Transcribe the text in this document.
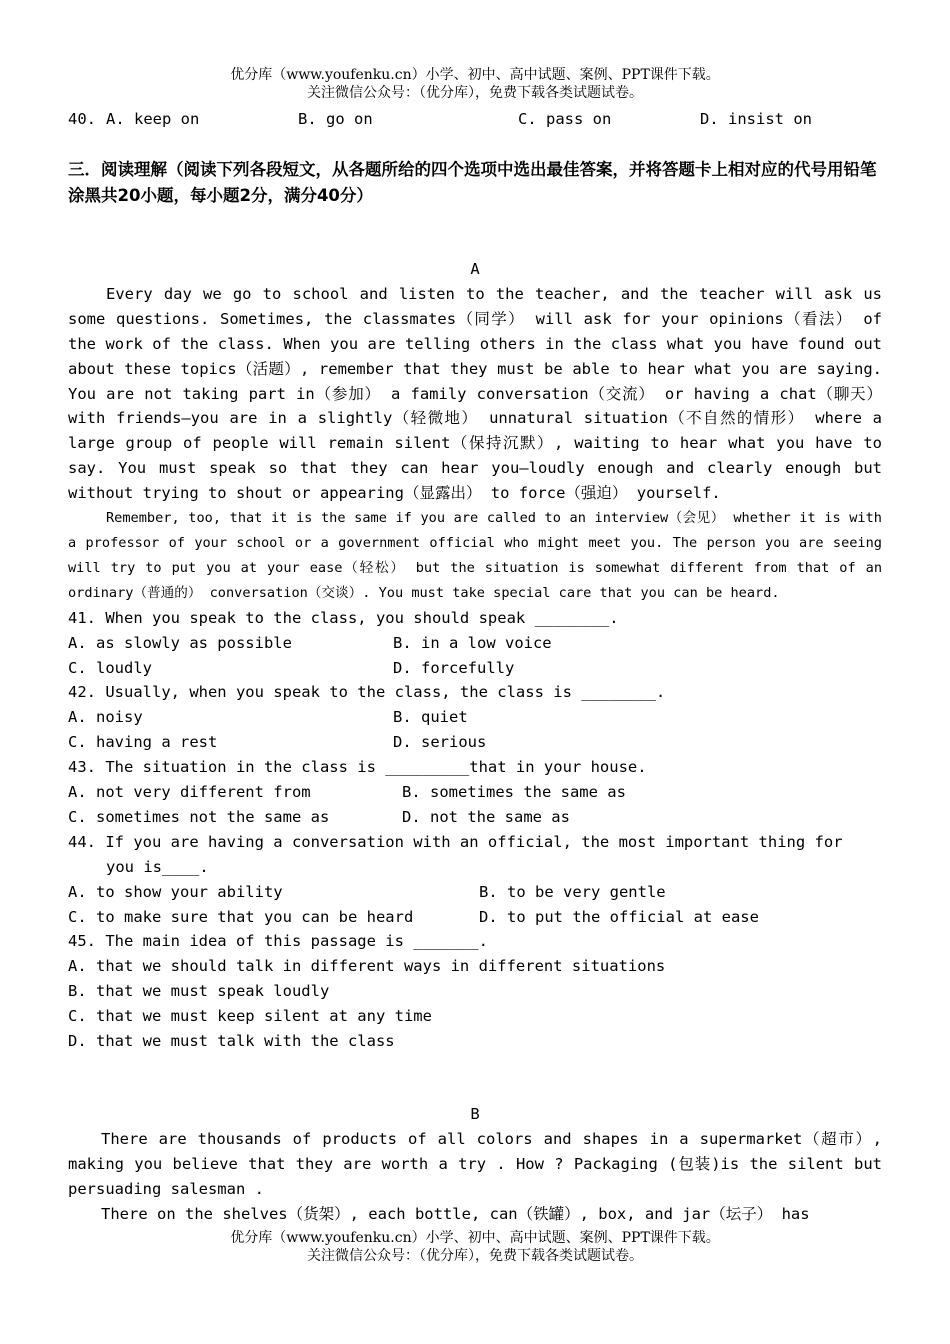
优分库（www.youfenku.cn）小学、初中、高中试题、案例、PPT课件下载。
关注微信公众号：（优分库），免费下载各类试题试卷。
40. A. keep on	B. go on	C. pass on	D. insist on
三．阅读理解（阅读下列各段短文，从各题所给的四个选项中选出最佳答案，并将答题卡上相对应的代号用铅笔涂黑共20小题，每小题2分，满分40分）
A

Every day we go to school and listen to the teacher, and the teacher will ask us some questions. Sometimes, the classmates（同学） will ask for your opinions（看法） of the work of the class. When you are telling others in the class what you have found out about these topics（活题）, remember that they must be able to hear what you are saying. You are not taking part in（参加） a family conversation（交流） or having a chat（聊天） with friends—you are in a slightly（轻微地） unnatural situation（不自然的情形） where a large group of people will remain silent（保持沉默）, waiting to hear what you have to say. You must speak so that they can hear you—loudly enough and clearly enough but without trying to shout or appearing（显露出） to force（强迫） yourself.

Remember, too, that it is the same if you are called to an interview（会见） whether it is with a professor of your school or a government official who might meet you. The person you are seeing will try to put you at your ease（轻松） but the situation is somewhat different from that of an ordinary（普通的） conversation（交谈）. You must take special care that you can be heard.

41. When you speak to the class, you should speak ________.
A. as slowly as possible	B. in a low voice
C. loudly	D. forcefully
42. Usually, when you speak to the class, the class is ________.
A. noisy	B. quiet
C. having a rest	D. serious
43. The situation in the class is _________that in your house.
A. not very different from	B. sometimes the same as
C. sometimes not the same as	D. not the same as
44. If you are having a conversation with an official, the most important thing for
you is____.
A. to show your ability	B. to be very gentle
C. to make sure that you can be heard	D. to put the official at ease
45. The main idea of this passage is _______.
A. that we should talk in different ways in different situations
B. that we must speak loudly
C. that we must keep silent at any time
D. that we must talk with the class
B

There are thousands of products of all colors and shapes in a supermarket（超市）, making you believe that they are worth a try . How ? Packaging (包装)is the silent but persuading salesman .

There on the shelves（货架）, each bottle, can（铁罐）, box, and jar（坛子） has

优分库（www.youfenku.cn）小学、初中、高中试题、案例、PPT课件下载。
关注微信公众号：（优分库），免费下载各类试题试卷。
